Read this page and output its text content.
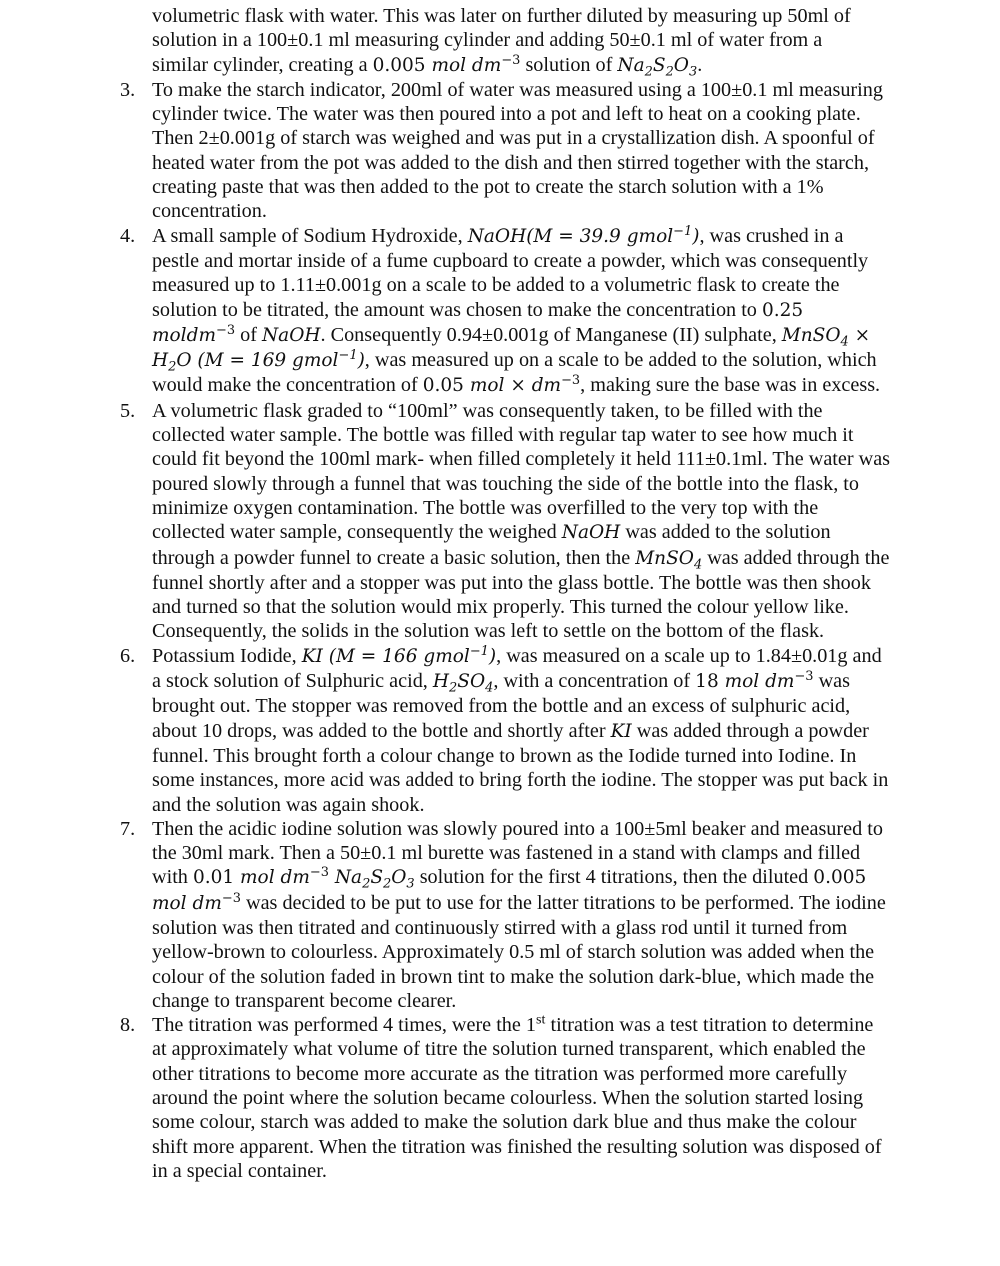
volumetric flask with water. This was later on further diluted by measuring up 50ml of
solution in a 100±0.1 ml measuring cylinder and adding 50±0.1 ml of water from a
similar cylinder, creating a 0.005 mol $dm^{-3}$ solution of $Na_2S_2O_3$.

3. To make the starch indicator, 200ml of water was measured using a 100±0.1 ml measuring cylinder twice. The water was then poured into a pot and left to heat on a cooking plate. Then 2±0.001g of starch was weighed and was put in a crystallization dish. A spoonful of heated water from the pot was added to the dish and then stirred together with the starch, creating paste that was then added to the pot to create the starch solution with a 1% concentration.

4. A small sample of Sodium Hydroxide, NaOH(M = 39.9 gmol$^{-1}$), was crushed in a pestle and mortar inside of a fume cupboard to create a powder, which was consequently measured up to 1.11±0.001g on a scale to be added to a volumetric flask to create the solution to be titrated, the amount was chosen to make the concentration to 0.25 moldm$^{-3}$ of NaOH. Consequently 0.94±0.001g of Manganese (II) sulphate, MnSO$_4$ × $H_2O$ (M = 169 gmol$^{-1}$), was measured up on a scale to be added to the solution, which would make the concentration of 0.05 mol × $dm^{-3}$, making sure the base was in excess.

5. A volumetric flask graded to “100ml” was consequently taken, to be filled with the collected water sample. The bottle was filled with regular tap water to see how much it could fit beyond the 100ml mark- when filled completely it held 111±0.1ml. The water was poured slowly through a funnel that was touching the side of the bottle into the flask, to minimize oxygen contamination. The bottle was overfilled to the very top with the collected water sample, consequently the weighed NaOH was added to the solution through a powder funnel to create a basic solution, then the MnSO$_4$ was added through the funnel shortly after and a stopper was put into the glass bottle. The bottle was then shook and turned so that the solution would mix properly. This turned the colour yellow like. Consequently, the solids in the solution was left to settle on the bottom of the flask.

6. Potassium Iodide, KI (M = 166 gmol$^{-1}$), was measured on a scale up to 1.84±0.01g and a stock solution of Sulphuric acid, $H_2SO_4$, with a concentration of 18 mol $dm^{-3}$ was brought out. The stopper was removed from the bottle and an excess of sulphuric acid, about 10 drops, was added to the bottle and shortly after KI was added through a powder funnel. This brought forth a colour change to brown as the Iodide turned into Iodine. In some instances, more acid was added to bring forth the iodine. The stopper was put back in and the solution was again shook.

7. Then the acidic iodine solution was slowly poured into a 100±5ml beaker and measured to the 30ml mark. Then a 50±0.1 ml burette was fastened in a stand with clamps and filled with 0.01 mol $dm^{-3}$ $Na_2S_2O_3$ solution for the first 4 titrations, then the diluted 0.005 mol $dm^{-3}$ was decided to be put to use for the latter titrations to be performed. The iodine solution was then titrated and continuously stirred with a glass rod until it turned from yellow-brown to colourless. Approximately 0.5 ml of starch solution was added when the colour of the solution faded in brown tint to make the solution dark-blue, which made the change to transparent become clearer.

8. The titration was performed 4 times, were the 1st titration was a test titration to determine at approximately what volume of titre the solution turned transparent, which enabled the other titrations to become more accurate as the titration was performed more carefully around the point where the solution became colourless. When the solution started losing some colour, starch was added to make the solution dark blue and thus make the colour shift more apparent. When the titration was finished the resulting solution was disposed of in a special container.
